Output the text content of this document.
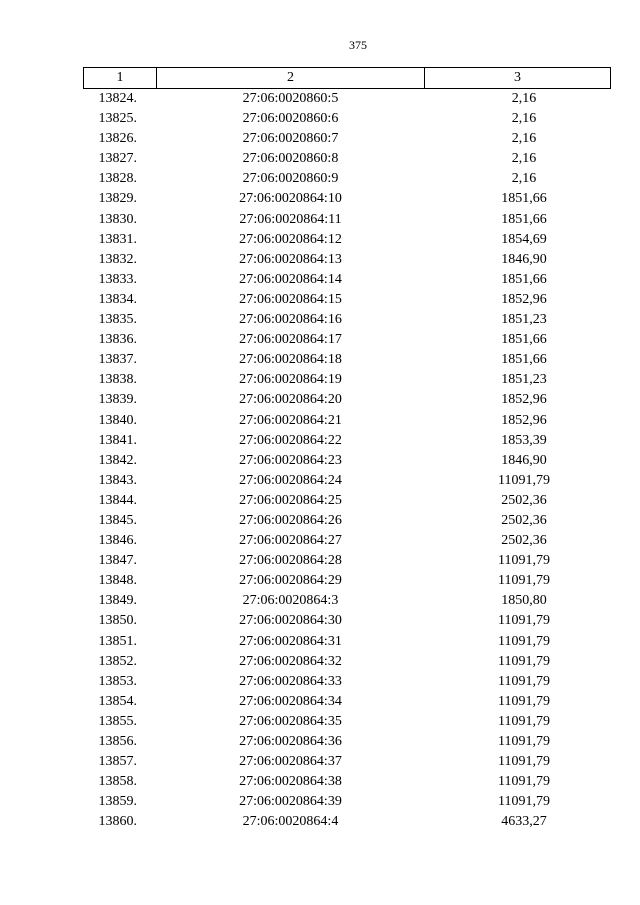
375
1	2	3
13824.	27:06:0020860:5	2,16
13825.	27:06:0020860:6	2,16
13826.	27:06:0020860:7	2,16
13827.	27:06:0020860:8	2,16
13828.	27:06:0020860:9	2,16
13829.	27:06:0020864:10	1851,66
13830.	27:06:0020864:11	1851,66
13831.	27:06:0020864:12	1854,69
13832.	27:06:0020864:13	1846,90
13833.	27:06:0020864:14	1851,66
13834.	27:06:0020864:15	1852,96
13835.	27:06:0020864:16	1851,23
13836.	27:06:0020864:17	1851,66
13837.	27:06:0020864:18	1851,66
13838.	27:06:0020864:19	1851,23
13839.	27:06:0020864:20	1852,96
13840.	27:06:0020864:21	1852,96
13841.	27:06:0020864:22	1853,39
13842.	27:06:0020864:23	1846,90
13843.	27:06:0020864:24	11091,79
13844.	27:06:0020864:25	2502,36
13845.	27:06:0020864:26	2502,36
13846.	27:06:0020864:27	2502,36
13847.	27:06:0020864:28	11091,79
13848.	27:06:0020864:29	11091,79
13849.	27:06:0020864:3	1850,80
13850.	27:06:0020864:30	11091,79
13851.	27:06:0020864:31	11091,79
13852.	27:06:0020864:32	11091,79
13853.	27:06:0020864:33	11091,79
13854.	27:06:0020864:34	11091,79
13855.	27:06:0020864:35	11091,79
13856.	27:06:0020864:36	11091,79
13857.	27:06:0020864:37	11091,79
13858.	27:06:0020864:38	11091,79
13859.	27:06:0020864:39	11091,79
13860.	27:06:0020864:4	4633,27
